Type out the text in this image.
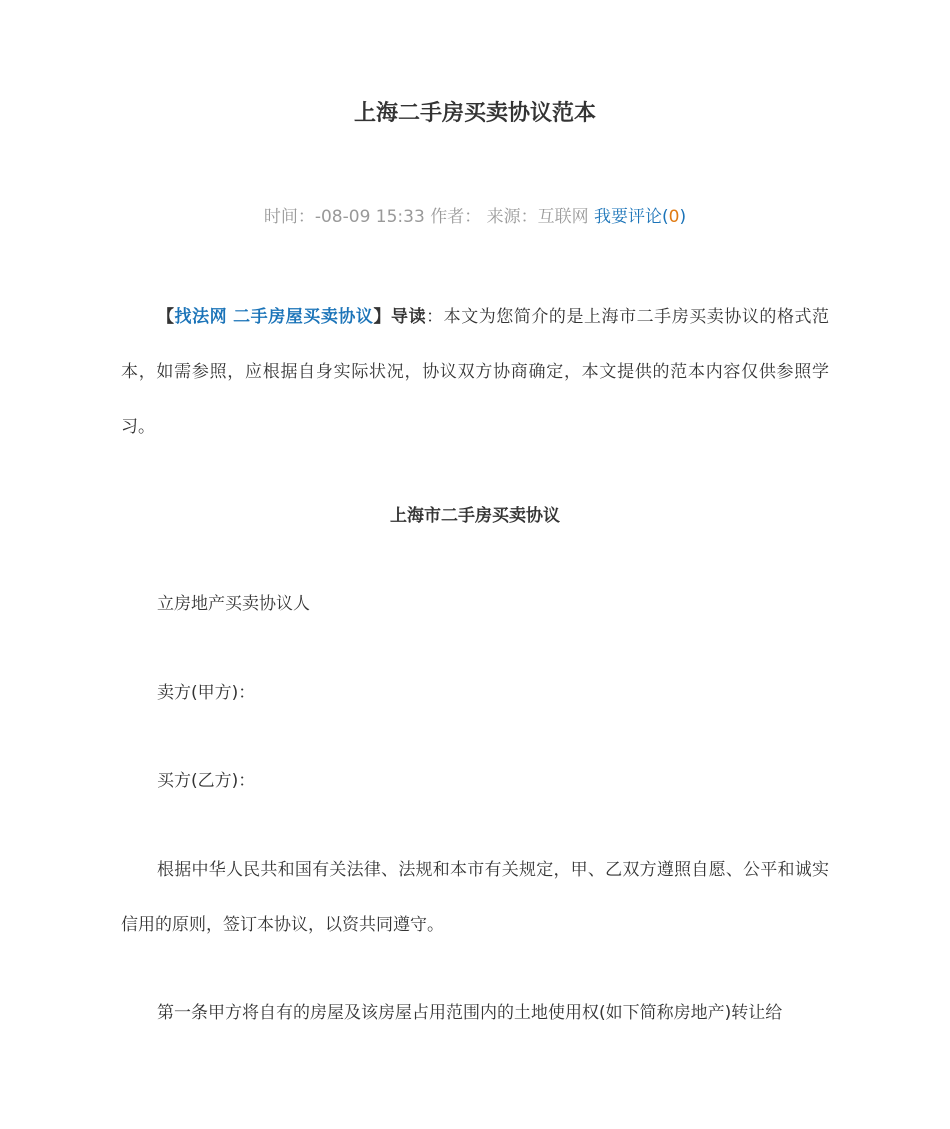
上海二手房买卖协议范本
时间：-08-09 15:33 作者： 来源：互联网 我要评论(0)

【找法网 二手房屋买卖协议】导读：本文为您简介的是上海市二手房买卖协议的格式范本，如需参照，应根据自身实际状况，协议双方协商确定，本文提供的范本内容仅供参照学习。

上海市二手房买卖协议

立房地产买卖协议人

卖方(甲方)：

买方(乙方)：

根据中华人民共和国有关法律、法规和本市有关规定，甲、乙双方遵照自愿、公平和诚实信用的原则，签订本协议，以资共同遵守。

第一条甲方将自有的房屋及该房屋占用范围内的土地使用权(如下简称房地产)转让给
